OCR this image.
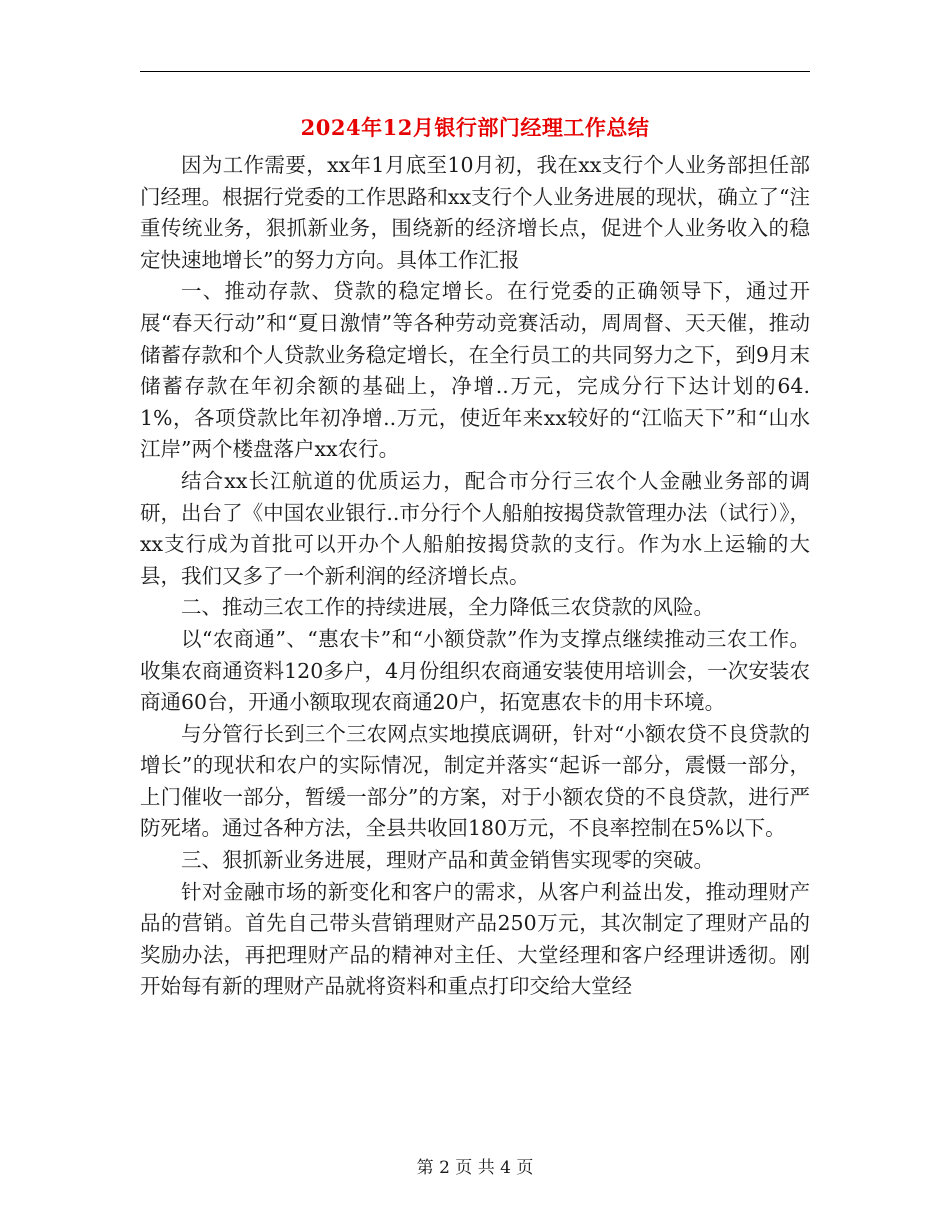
2024年12月银行部门经理工作总结

因为工作需要，xx年1月底至10月初，我在xx支行个人业务部担任部门经理。根据行党委的工作思路和xx支行个人业务进展的现状，确立了“注重传统业务，狠抓新业务，围绕新的经济增长点，促进个人业务收入的稳定快速地增长”的努力方向。具体工作汇报

一、推动存款、贷款的稳定增长。在行党委的正确领导下，通过开展“春天行动”和“夏日激情”等各种劳动竞赛活动，周周督、天天催，推动储蓄存款和个人贷款业务稳定增长，在全行员工的共同努力之下，到9月末储蓄存款在年初余额的基础上，净增..万元，完成分行下达计划的64.1%，各项贷款比年初净增..万元，使近年来xx较好的“江临天下”和“山水江岸”两个楼盘落户xx农行。

结合xx长江航道的优质运力，配合市分行三农个人金融业务部的调研，出台了《中国农业银行..市分行个人船舶按揭贷款管理办法（试行）》，xx支行成为首批可以开办个人船舶按揭贷款的支行。作为水上运输的大县，我们又多了一个新利润的经济增长点。

二、推动三农工作的持续进展，全力降低三农贷款的风险。

以“农商通”、“惠农卡”和“小额贷款”作为支撑点继续推动三农工作。收集农商通资料120多户，4月份组织农商通安装使用培训会，一次安装农商通60台，开通小额取现农商通20户，拓宽惠农卡的用卡环境。

与分管行长到三个三农网点实地摸底调研，针对“小额农贷不良贷款的增长”的现状和农户的实际情况，制定并落实“起诉一部分，震慑一部分，上门催收一部分，暂缓一部分”的方案，对于小额农贷的不良贷款，进行严防死堵。通过各种方法，全县共收回180万元，不良率控制在5%以下。

三、狠抓新业务进展，理财产品和黄金销售实现零的突破。

针对金融市场的新变化和客户的需求，从客户利益出发，推动理财产品的营销。首先自己带头营销理财产品250万元，其次制定了理财产品的奖励办法，再把理财产品的精神对主任、大堂经理和客户经理讲透彻。刚开始每有新的理财产品就将资料和重点打印交给大堂经

第 2 页 共 4 页
